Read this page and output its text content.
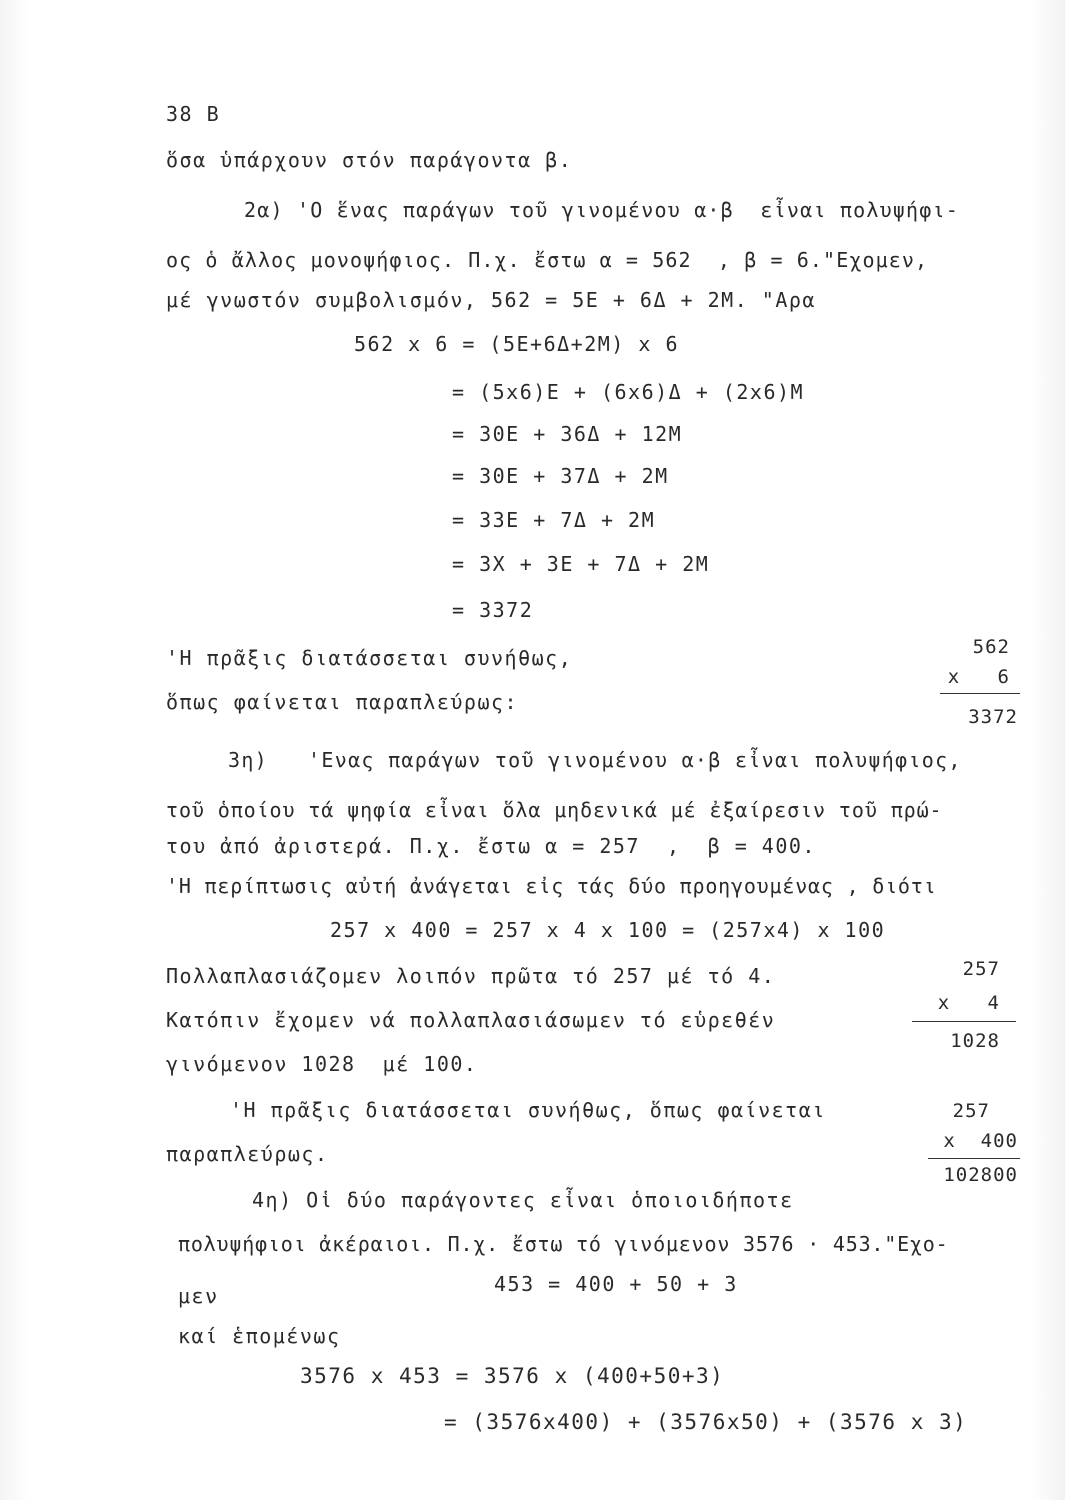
38 B
ὅσα ὑπάρχουν στόν παράγοντα β.
2α) 'Ο ἕνας παράγων τοῦ γινομένου α·β  εἶναι πολυψήφι-
ος ὁ ἄλλος μονοψήφιος. Π.χ. ἔστω α = 562  , β = 6."Εχομεν,
μέ γνωστόν συμβολισμόν, 562 = 5Ε + 6Δ + 2Μ. "Αρα
562 x 6 = (5Ε+6Δ+2Μ) x 6
= (5x6)Ε + (6x6)Δ + (2x6)Μ
= 30Ε + 36Δ + 12Μ
= 30Ε + 37Δ + 2Μ
= 33Ε + 7Δ + 2Μ
= 3Χ + 3Ε + 7Δ + 2Μ
= 3372
'Η πρᾶξις διατάσσεται συνήθως,
ὅπως φαίνεται παραπλεύρως:
562
x   6
3372
3η)   'Ενας παράγων τοῦ γινομένου α·β εἶναι πολυψήφιος,
τοῦ ὁποίου τά ψηφία εἶναι ὅλα μηδενικά μέ ἐξαίρεσιν τοῦ πρώ-
του ἀπό ἀριστερά. Π.χ. ἔστω α = 257  ,  β = 400.
'Η περίπτωσις αὐτή ἀνάγεται εἰς τάς δύο προηγουμένας , διότι
257 x 400 = 257 x 4 x 100 = (257x4) x 100
Πολλαπλασιάζομεν λοιπόν πρῶτα τό 257 μέ τό 4.
Κατόπιν ἔχομεν νά πολλαπλασιάσωμεν τό εὑρεθέν
γινόμενον 1028  μέ 100.
257
x   4
1028
'Η πρᾶξις διατάσσεται συνήθως, ὅπως φαίνεται
παραπλεύρως.
257
x  400
102800
4η) Οἱ δύο παράγοντες εἶναι ὁποιοιδήποτε
πολυψήφιοι ἀκέραιοι. Π.χ. ἔστω τό γινόμενον 3576 · 453."Εχο-
μεν	453 = 400 + 50 + 3
καί ἑπομένως
3576 x 453 = 3576 x (400+50+3)
= (3576x400) + (3576x50) + (3576 x 3)
